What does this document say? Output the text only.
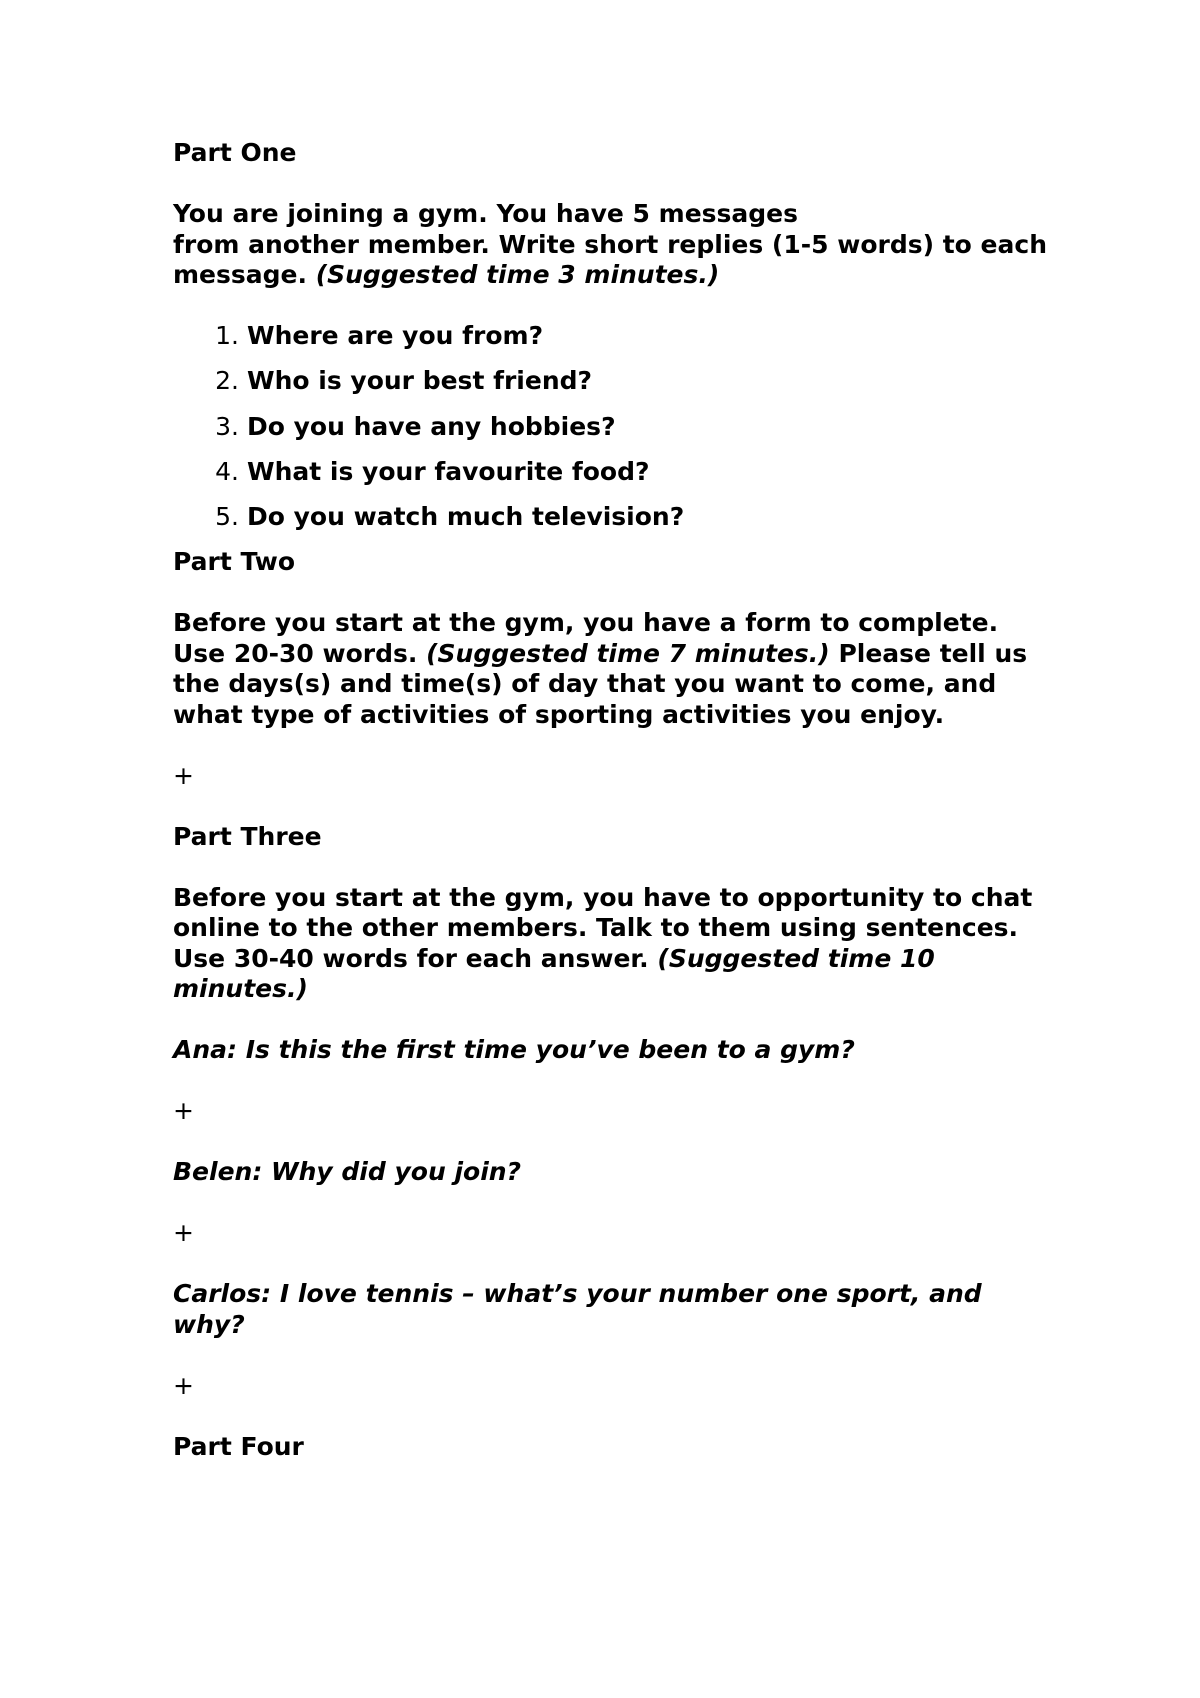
Part One

You are joining a gym. You have 5 messages
from another member. Write short replies (1-5 words) to each message. (Suggested time 3 minutes.)

1. Where are you from?
2. Who is your best friend?
3. Do you have any hobbies?
4. What is your favourite food?
5. Do you watch much television?

Part Two

Before you start at the gym, you have a form to complete. Use 20-30 words. (Suggested time 7 minutes.) Please tell us the days(s) and time(s) of day that you want to come, and what type of activities of sporting activities you enjoy.

+

Part Three

Before you start at the gym, you have to opportunity to chat online to the other members. Talk to them using sentences. Use 30-40 words for each answer. (Suggested time 10 minutes.)

Ana: Is this the first time you’ve been to a gym?

+

Belen: Why did you join?

+

Carlos: I love tennis – what’s your number one sport, and why?

+

Part Four
